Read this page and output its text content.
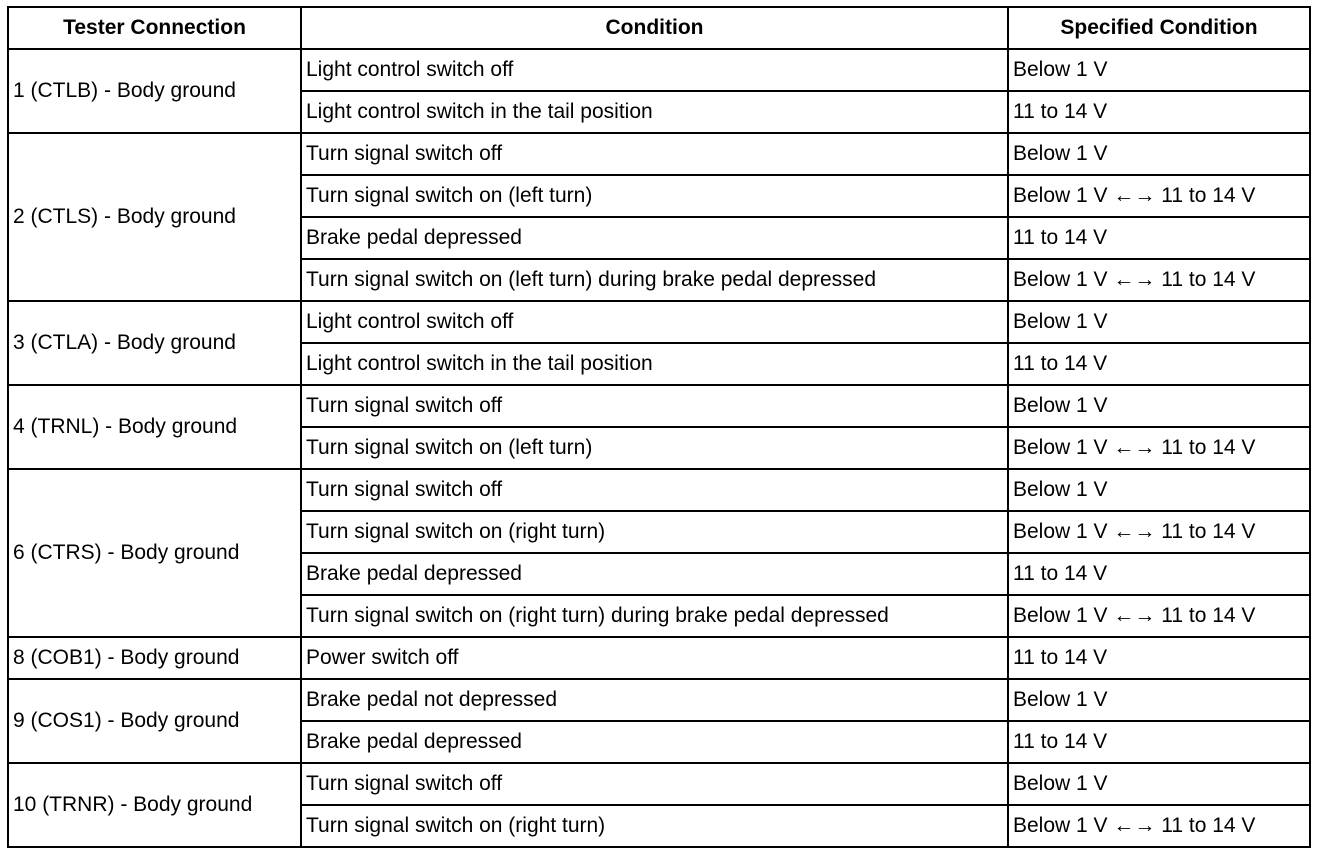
Tester Connection	Condition	Specified Condition
1 (CTLB) - Body ground	Light control switch off	Below 1 V
	Light control switch in the tail position	11 to 14 V
2 (CTLS) - Body ground	Turn signal switch off	Below 1 V
	Turn signal switch on (left turn)	Below 1 V ←→ 11 to 14 V
	Brake pedal depressed	11 to 14 V
	Turn signal switch on (left turn) during brake pedal depressed	Below 1 V ←→ 11 to 14 V
3 (CTLA) - Body ground	Light control switch off	Below 1 V
	Light control switch in the tail position	11 to 14 V
4 (TRNL) - Body ground	Turn signal switch off	Below 1 V
	Turn signal switch on (left turn)	Below 1 V ←→ 11 to 14 V
6 (CTRS) - Body ground	Turn signal switch off	Below 1 V
	Turn signal switch on (right turn)	Below 1 V ←→ 11 to 14 V
	Brake pedal depressed	11 to 14 V
	Turn signal switch on (right turn) during brake pedal depressed	Below 1 V ←→ 11 to 14 V
8 (COB1) - Body ground	Power switch off	11 to 14 V
9 (COS1) - Body ground	Brake pedal not depressed	Below 1 V
	Brake pedal depressed	11 to 14 V
10 (TRNR) - Body ground	Turn signal switch off	Below 1 V
	Turn signal switch on (right turn)	Below 1 V ←→ 11 to 14 V
